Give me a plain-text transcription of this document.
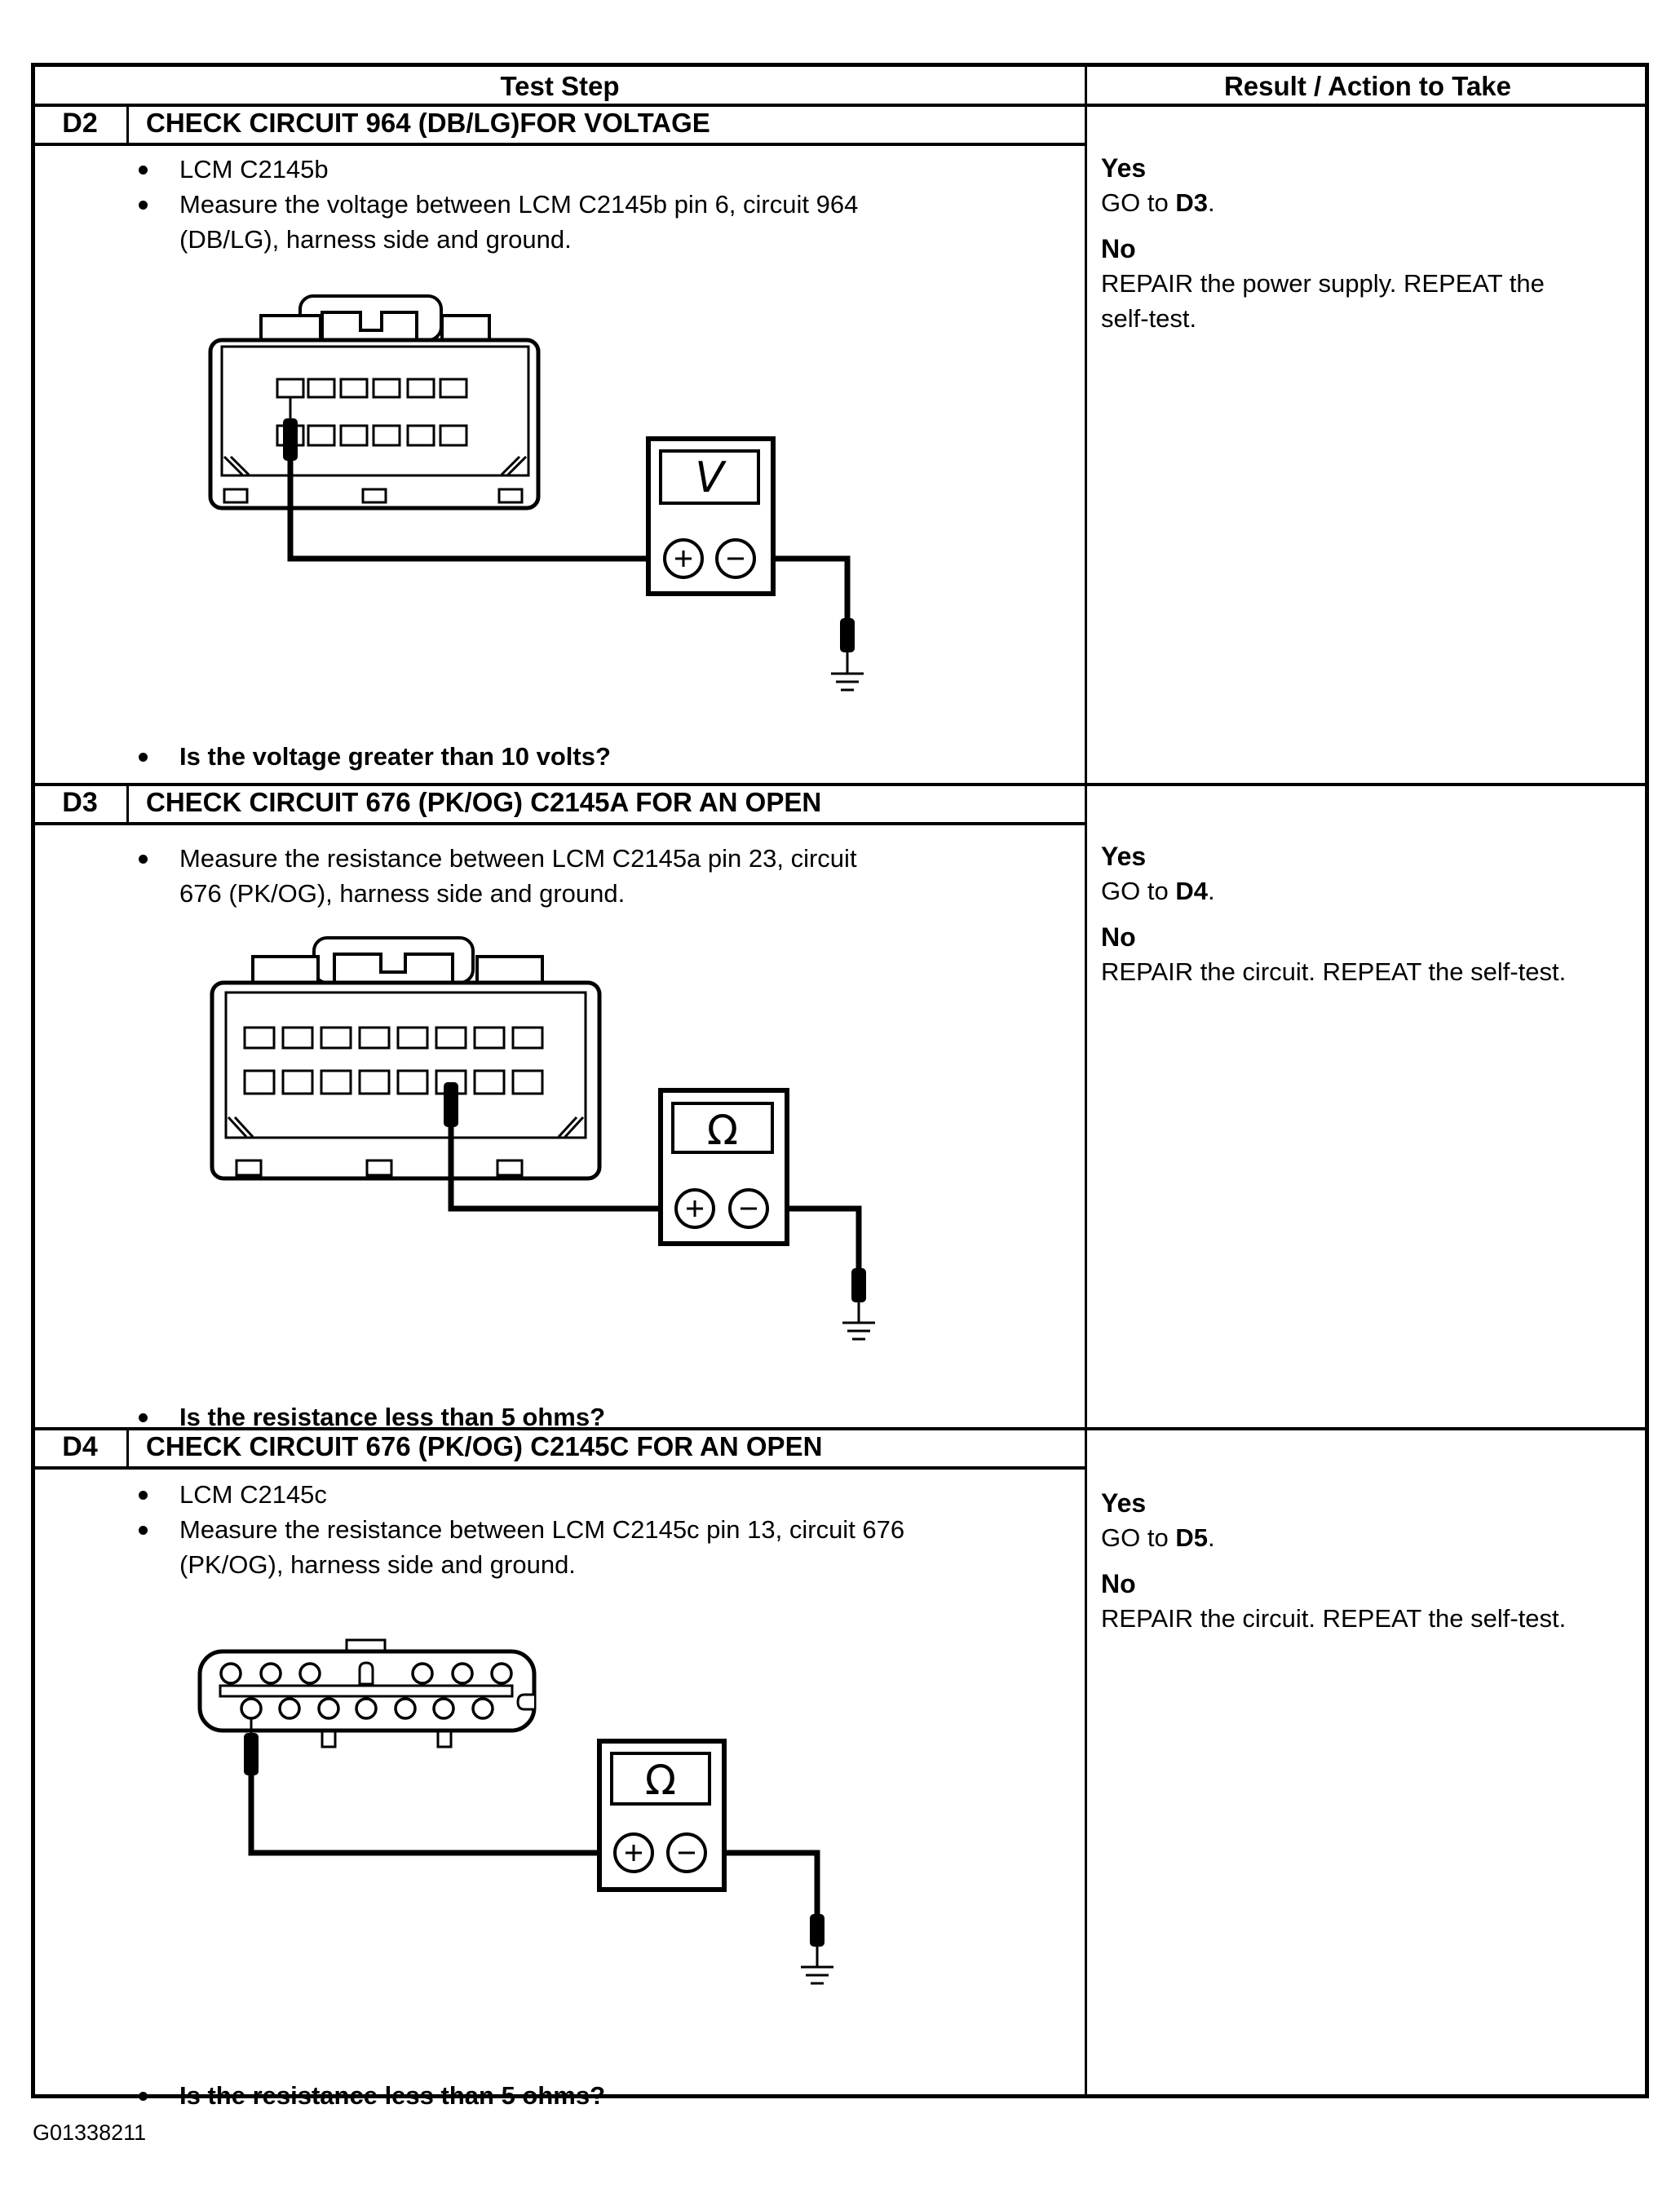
Test Step	Result / Action to Take
D2	CHECK CIRCUIT 964 (DB/LG)FOR VOLTAGE
LCM C2145b
Measure the voltage between LCM C2145b pin 6, circuit 964
(DB/LG), harness side and ground.
Is the voltage greater than 10 volts?
Yes
GO to D3.
No
REPAIR the power supply. REPEAT the
self-test.
V
D3	CHECK CIRCUIT 676 (PK/OG) C2145A FOR AN OPEN
Measure the resistance between LCM C2145a pin 23, circuit
676 (PK/OG), harness side and ground.
Is the resistance less than 5 ohms?
Yes
GO to D4.
No
REPAIR the circuit. REPEAT the self-test.
Ω
D4	CHECK CIRCUIT 676 (PK/OG) C2145C FOR AN OPEN
LCM C2145c
Measure the resistance between LCM C2145c pin 13, circuit 676
(PK/OG), harness side and ground.
Is the resistance less than 5 ohms?
Yes
GO to D5.
No
REPAIR the circuit. REPEAT the self-test.
Ω
G01338211
